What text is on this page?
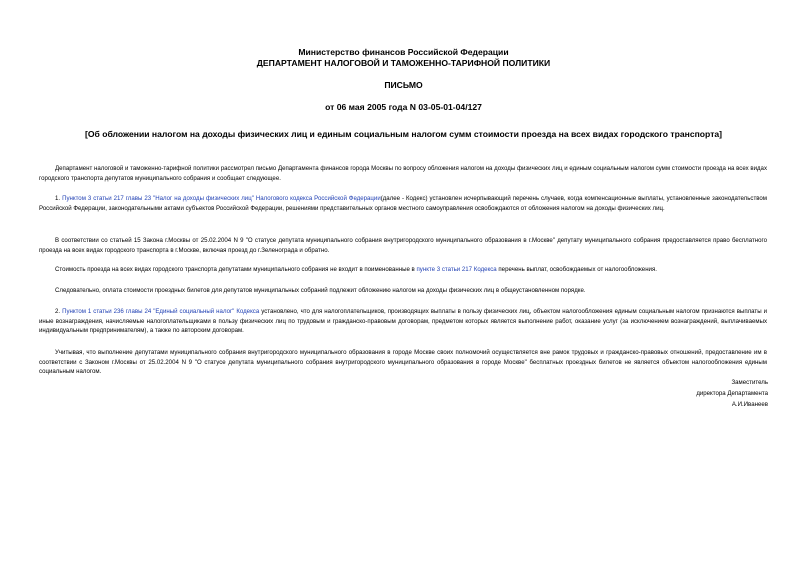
Министерство финансов Российской Федерации
ДЕПАРТАМЕНТ НАЛОГОВОЙ И ТАМОЖЕННО-ТАРИФНОЙ ПОЛИТИКИ
ПИСЬМО
от 06 мая 2005 года N 03-05-01-04/127
[Об обложении налогом на доходы физических лиц и единым социальным налогом сумм стоимости проезда на всех видах городского транспорта]
Департамент налоговой и таможенно-тарифной политики рассмотрел письмо Департамента финансов города Москвы по вопросу обложения налогом на доходы физических лиц и единым социальным налогом сумм стоимости проезда на всех видах городского транспорта депутатов муниципального собрания и сообщает следующее.
1. Пунктом 3 статьи 217 главы 23 "Налог на доходы физических лиц" Налогового кодекса Российской Федерации(далее - Кодекс) установлен исчерпывающий перечень случаев, когда компенсационные выплаты, установленные законодательством Российской Федерации, законодательными актами субъектов Российской Федерации, решениями представительных органов местного самоуправления освобождаются от обложения налогом на доходы физических лиц.
В соответствии со статьей 15 Закона г.Москвы от 25.02.2004 N 9 "О статусе депутата муниципального собрания внутригородского муниципального образования в г.Москве" депутату муниципального собрания предоставляется право бесплатного проезда на всех видах городского транспорта в г.Москве, включая проезд до г.Зеленограда и обратно.
Стоимость проезда на всех видах городского транспорта депутатами муниципального собрания не входит в поименованные в пункте 3 статьи 217 Кодекса перечень выплат, освобождаемых от налогообложения.
Следовательно, оплата стоимости проездных билетов для депутатов муниципальных собраний подлежит обложению налогом на доходы физических лиц в общеустановленном порядке.
2. Пунктом 1 статьи 236 главы 24 "Единый социальный налог" Кодекса установлено, что для налогоплательщиков, производящих выплаты в пользу физических лиц, объектом налогообложения единым социальным налогом признаются выплаты и иные вознаграждения, начисляемые налогоплательщиками в пользу физических лиц по трудовым и гражданско-правовым договорам, предметом которых является выполнение работ, оказание услуг (за исключением вознаграждений, выплачиваемых индивидуальным предпринимателям), а также по авторским договорам.
Учитывая, что выполнение депутатами муниципального собрания внутригородского муниципального образования в городе Москве своих полномочий осуществляется вне рамок трудовых и гражданско-правовых отношений, предоставление им в соответствии с Законом г.Москвы от 25.02.2004 N 9 "О статусе депутата муниципального собрания внутригородского муниципального образования в городе Москве" бесплатных проездных билетов не является объектом налогообложения единым социальным налогом.
Заместитель
директора Департамента
А.И.Иванеев
